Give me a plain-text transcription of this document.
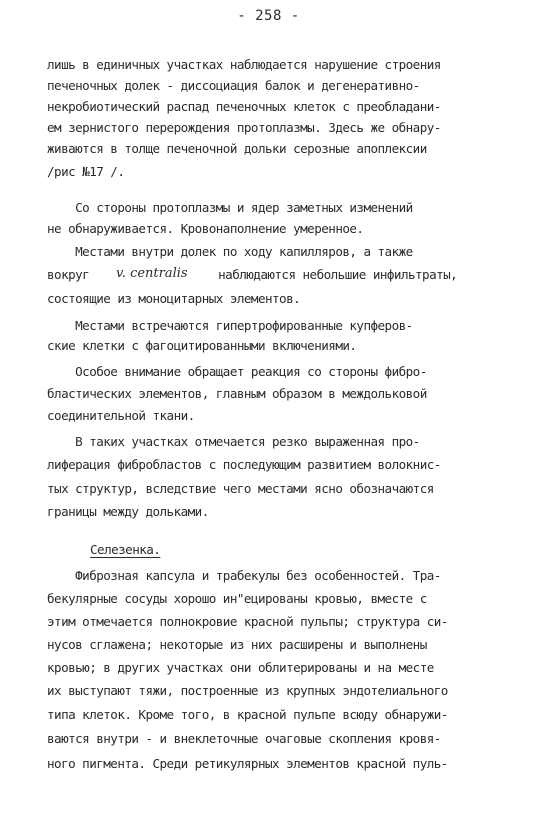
- 258 -
лишь в единичных участках наблюдается нарушение строения
печеночных долек - диссоциация балок и дегенеративно-
некробиотический распад печеночных клеток с преобладани-
ем зернистого перерождения протоплазмы. Здесь же обнару-
живаются в толще печеночной дольки серозные апоплексии
/рис №17 /.
Со стороны протоплазмы и ядер заметных изменений
не обнаруживается. Кровонаполнение умеренное.
Местами внутри долек по ходу капилляров, а также
вокруг v. centralis наблюдаются небольшие инфильтраты,
состоящие из моноцитарных элементов.
Местами встречаются гипертрофированные купферов-
ские клетки с фагоцитированными включениями.
Особое внимание обращает реакция со стороны фибро-
бластических элементов, главным образом в междольковой
соединительной ткани.
В таких участках отмечается резко выраженная про-
лиферация фибробластов с последующим развитием волокнис-
тых структур, вследствие чего местами ясно обозначаются
границы между дольками.
Селезенка.
Фиброзная капсула и трабекулы без особенностей. Тра-
бекулярные сосуды хорошо ин"ецированы кровью, вместе с
этим отмечается полнокровие красной пульпы; структура си-
нусов сглажена; некоторые из них расширены и выполнены
кровью; в других участках они облитерированы и на месте
их выступают тяжи, построенные из крупных эндотелиального
типа клеток. Кроме того, в красной пульпе всюду обнаружи-
ваются внутри - и внеклеточные очаговые скопления кровя-
ного пигмента. Среди ретикулярных элементов красной пуль-
